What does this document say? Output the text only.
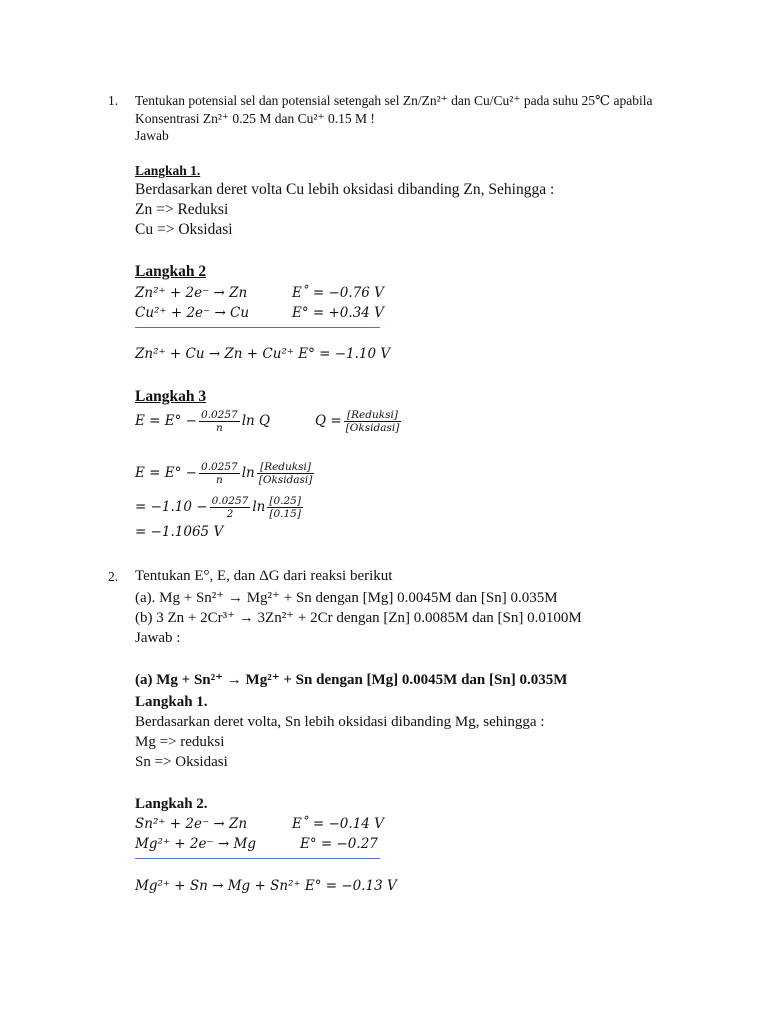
1. Tentukan potensial sel dan potensial setengah sel Zn/Zn²⁺ dan Cu/Cu²⁺ pada suhu 25℃ apabila
Konsentrasi Zn²⁺ 0.25 M dan Cu²⁺ 0.15 M !
Jawab
Langkah 1.
Berdasarkan deret volta Cu lebih oksidasi dibanding Zn, Sehingga :
Zn => Reduksi
Cu => Oksidasi
Langkah 2
Zn²⁺ + 2e⁻ → Zn	E˚ = −0.76 V
Cu²⁺ + 2e⁻ → Cu	E° = +0.34 V
Zn²⁺ + Cu → Zn + Cu²⁺ E° = −1.10 V
Langkah 3
$E = E^\circ - \frac{0.0257}{n}$ ln Q	$Q = \frac{\text{[Reduksi]}}{\text{[Oksidasi]}}$
$E = E^\circ - \frac{0.0257}{n}$ $\ln \frac{\text{[Reduksi]}}{\text{[Oksidasi]}}$
= $-1.10 - \frac{0.0257}{2}$ $\ln \frac{[0.25]}{[0.15]}$
= −1.1065 V
2. Tentukan E°, E, dan ΔG dari reaksi berikut
(a). Mg + Sn²⁺ → Mg²⁺ + Sn dengan [Mg] 0.0045M dan [Sn] 0.035M
(b) 3 Zn + 2Cr³⁺ → 3Zn²⁺ + 2Cr dengan [Zn] 0.0085M dan [Sn] 0.0100M
Jawab :
(a) Mg + Sn²⁺ → Mg²⁺ + Sn dengan [Mg] 0.0045M dan [Sn] 0.035M
Langkah 1.
Berdasarkan deret volta, Sn lebih oksidasi dibanding Mg, sehingga :
Mg => reduksi
Sn => Oksidasi
Langkah 2.
Sn²⁺ + 2e⁻ → Zn	E˚ = −0.14 V
Mg²⁺ + 2e⁻ → Mg	E° = −0.27
Mg²⁺ + Sn → Mg + Sn²⁺ E° = −0.13 V
